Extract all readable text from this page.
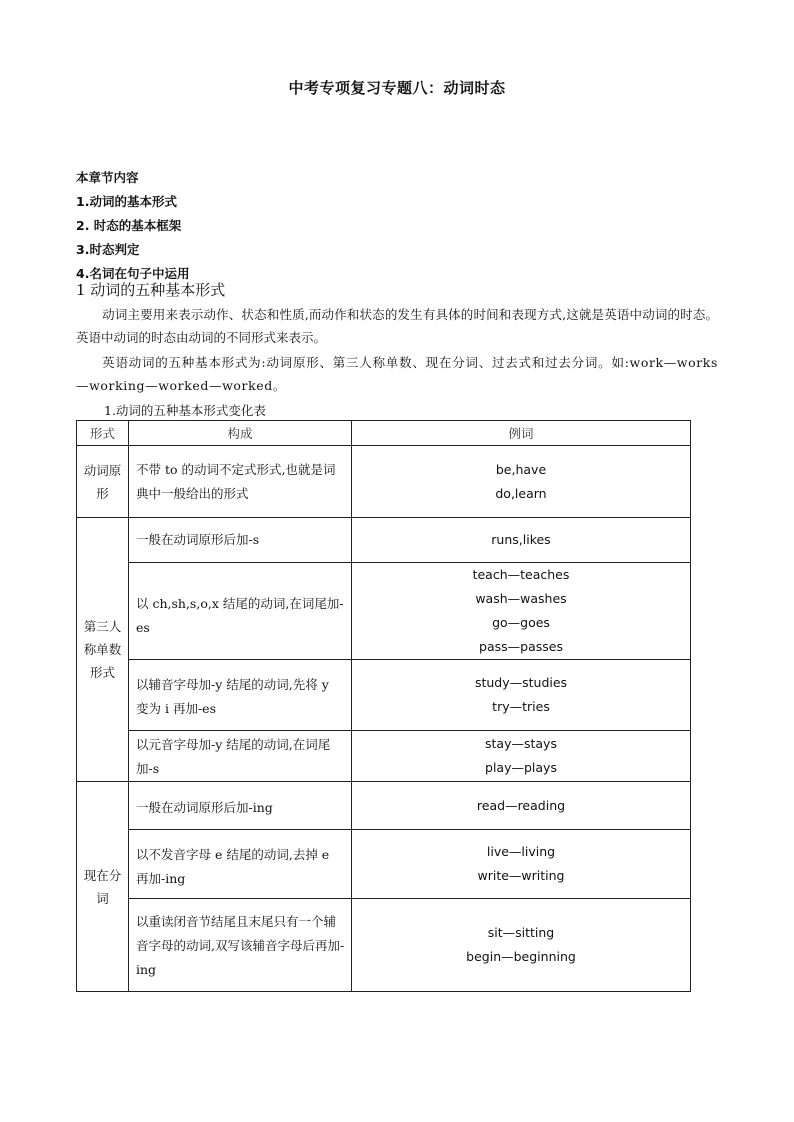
中考专项复习专题八：动词时态
本章节内容
1.动词的基本形式
2. 时态的基本框架
3.时态判定
4.名词在句子中运用
1 动词的五种基本形式
动词主要用来表示动作、状态和性质,而动作和状态的发生有具体的时间和表现方式,这就是英语中动词的时态。英语中动词的时态由动词的不同形式来表示。
英语动词的五种基本形式为:动词原形、第三人称单数、现在分词、过去式和过去分词。如:work—works—working—worked—worked。
1.动词的五种基本形式变化表
形式	构成	例词
动词原形	不带 to 的动词不定式形式,也就是词典中一般给出的形式	be,have
do,learn

第三人称单数形式	一般在动词原形后加-s	runs,likes

	以 ch,sh,s,o,x 结尾的动词,在词尾加-es	teach—teaches
wash—washes
go—goes
pass—passes

	以辅音字母加-y 结尾的动词,先将 y 变为 i 再加-es	study—studies
try—tries

	以元音字母加-y 结尾的动词,在词尾加-s	stay—stays
play—plays

现在分词	一般在动词原形后加-ing	read—reading

	以不发音字母 e 结尾的动词,去掉 e 再加-ing	live—living
write—writing

	以重读闭音节结尾且末尾只有一个辅音字母的动词,双写该辅音字母后再加-ing	sit—sitting
begin—beginning
